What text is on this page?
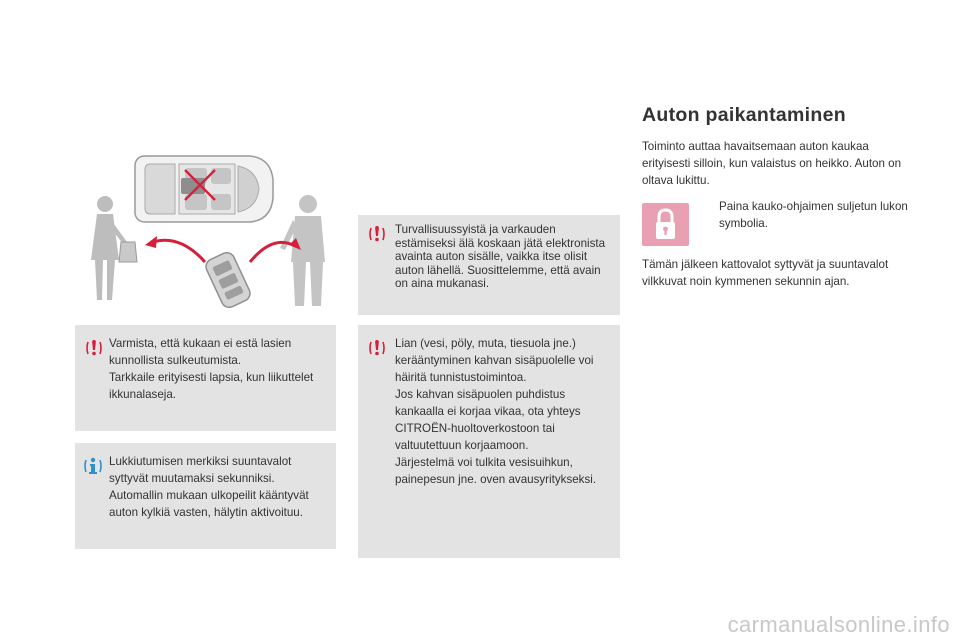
Turvallisuussyistä ja varkauden estämiseksi älä koskaan jätä elektronista avainta auton sisälle, vaikka itse olisit auton lähellä. Suosittelemme, että avain on aina mukanasi.

Varmista, että kukaan ei estä lasien kunnollista sulkeutumista.

Tarkkaile erityisesti lapsia, kun liikuttelet ikkunalaseja.

Lukkiutumisen merkiksi suuntavalot syttyvät muutamaksi sekunniksi. Automallin mukaan ulkopeilit kääntyvät auton kylkiä vasten, hälytin aktivoituu.

Lian (vesi, pöly, muta, tiesuola jne.) kerääntyminen kahvan sisäpuolelle voi häiritä tunnistustoimintoa.

Jos kahvan sisäpuolen puhdistus kankaalla ei korjaa vikaa, ota yhteys CITROËN-huoltoverkostoon tai valtuutettuun korjaamoon.

Järjestelmä voi tulkita vesisuihkun, painepesun jne. oven avausyritykseksi.

Auton paikantaminen

Toiminto auttaa havaitsemaan auton kaukaa erityisesti silloin, kun valaistus on heikko. Auton on oltava lukittu.

Paina kauko-ohjaimen suljetun lukon symbolia.

Tämän jälkeen kattovalot syttyvät ja suuntavalot vilkkuvat noin kymmenen sekunnin ajan.

carmanualsonline.info
